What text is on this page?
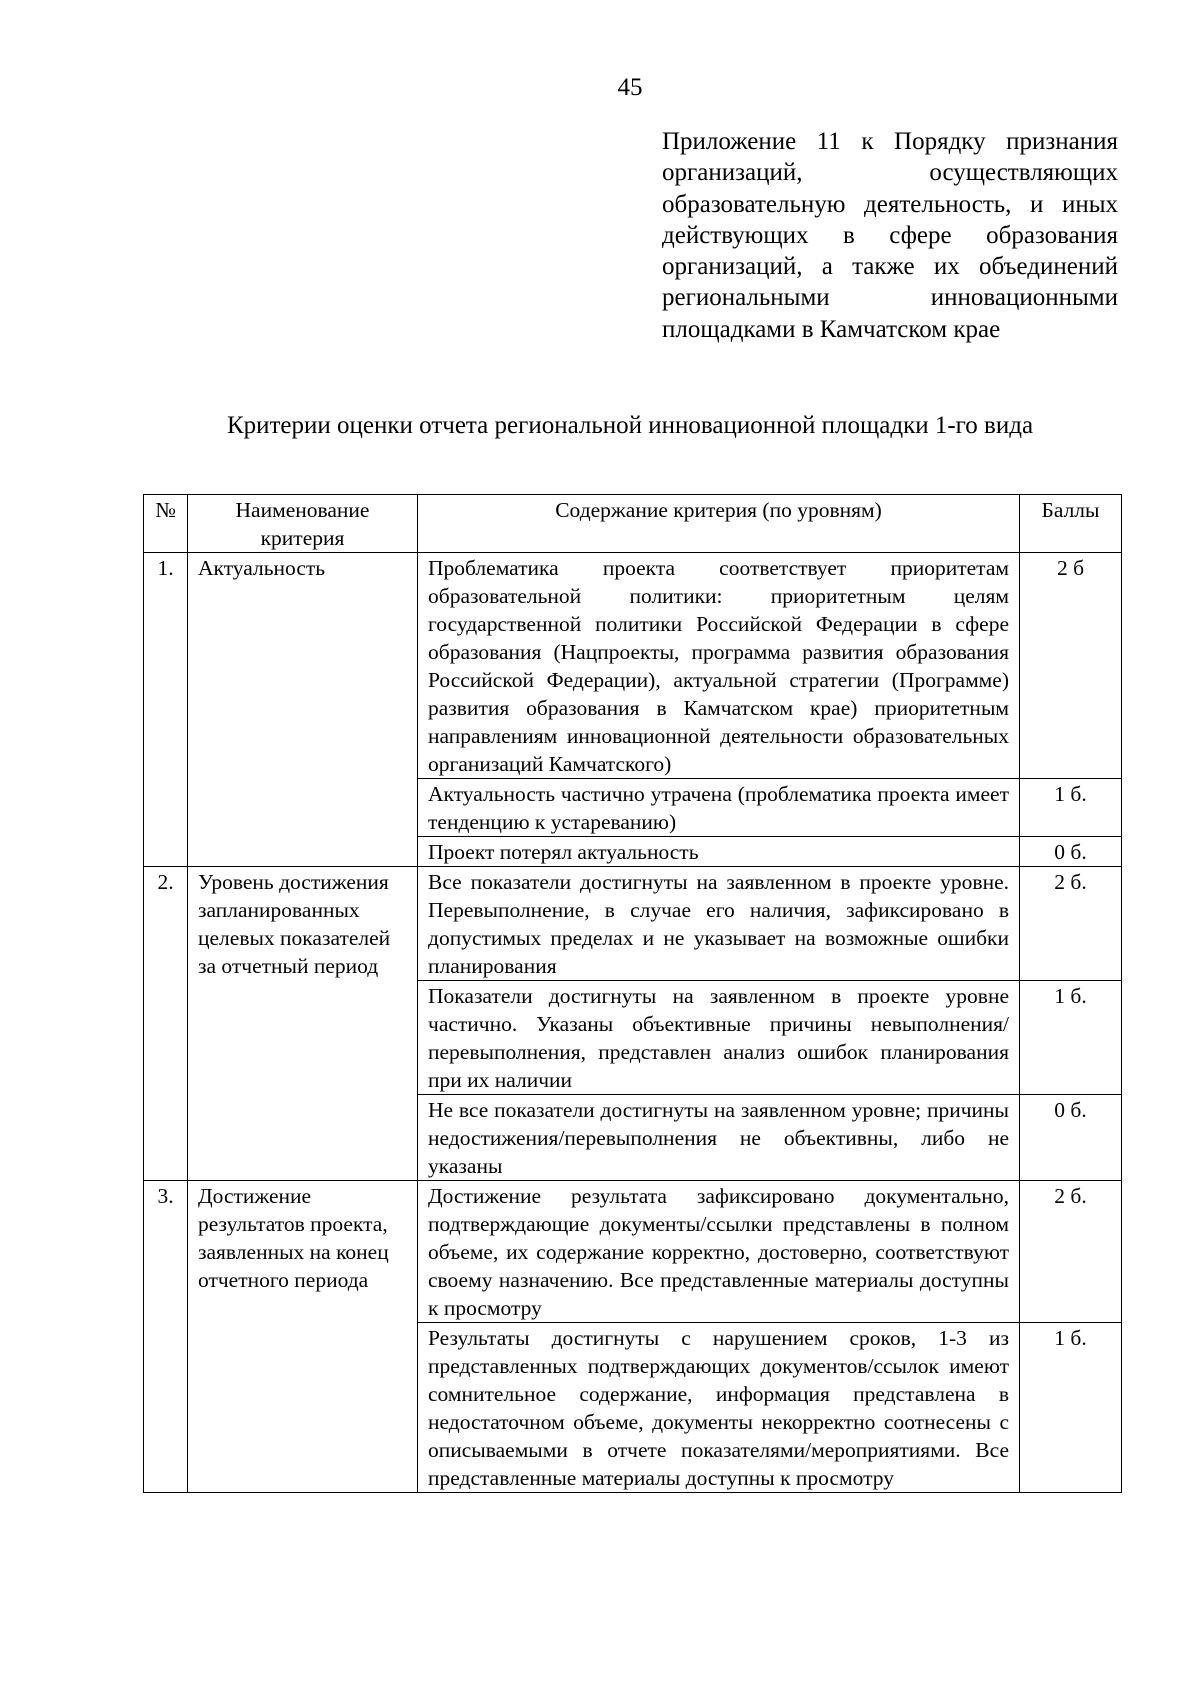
45
Приложение 11 к Порядку признания организаций, осуществляющих образовательную деятельность, и иных действующих в сфере образования организаций, а также их объединений региональными инновационными площадками в Камчатском крае
Критерии оценки отчета региональной инновационной площадки 1-го вида
№	Наименование критерия	Содержание критерия (по уровням)	Баллы
1.	Актуальность	Проблематика проекта соответствует приоритетам образовательной политики: приоритетным целям государственной политики Российской Федерации в сфере образования (Нацпроекты, программа развития образования Российской Федерации), актуальной стратегии (Программе) развития образования в Камчатском крае) приоритетным направлениям инновационной деятельности образовательных организаций Камчатского)	2 б
		Актуальность частично утрачена (проблематика проекта имеет тенденцию к устареванию)	1 б.
		Проект потерял актуальность	0 б.
2.	Уровень достижения запланированных целевых показателей за отчетный период	Все показатели достигнуты на заявленном в проекте уровне. Перевыполнение, в случае его наличия, зафиксировано в допустимых пределах и не указывает на возможные ошибки планирования	2 б.
		Показатели достигнуты на заявленном в проекте уровне частично. Указаны объективные причины невыполнения/перевыполнения, представлен анализ ошибок планирования при их наличии	1 б.
		Не все показатели достигнуты на заявленном уровне; причины недостижения/перевыполнения не объективны, либо не указаны	0 б.
3.	Достижение результатов проекта, заявленных на конец отчетного периода	Достижение результата зафиксировано документально, подтверждающие документы/ссылки представлены в полном объеме, их содержание корректно, достоверно, соответствуют своему назначению. Все представленные материалы доступны к просмотру	2 б.
		Результаты достигнуты с нарушением сроков, 1-3 из представленных подтверждающих документов/ссылок имеют сомнительное содержание, информация представлена в недостаточном объеме, документы некорректно соотнесены с описываемыми в отчете показателями/мероприятиями. Все представленные материалы доступны к просмотру	1 б.
